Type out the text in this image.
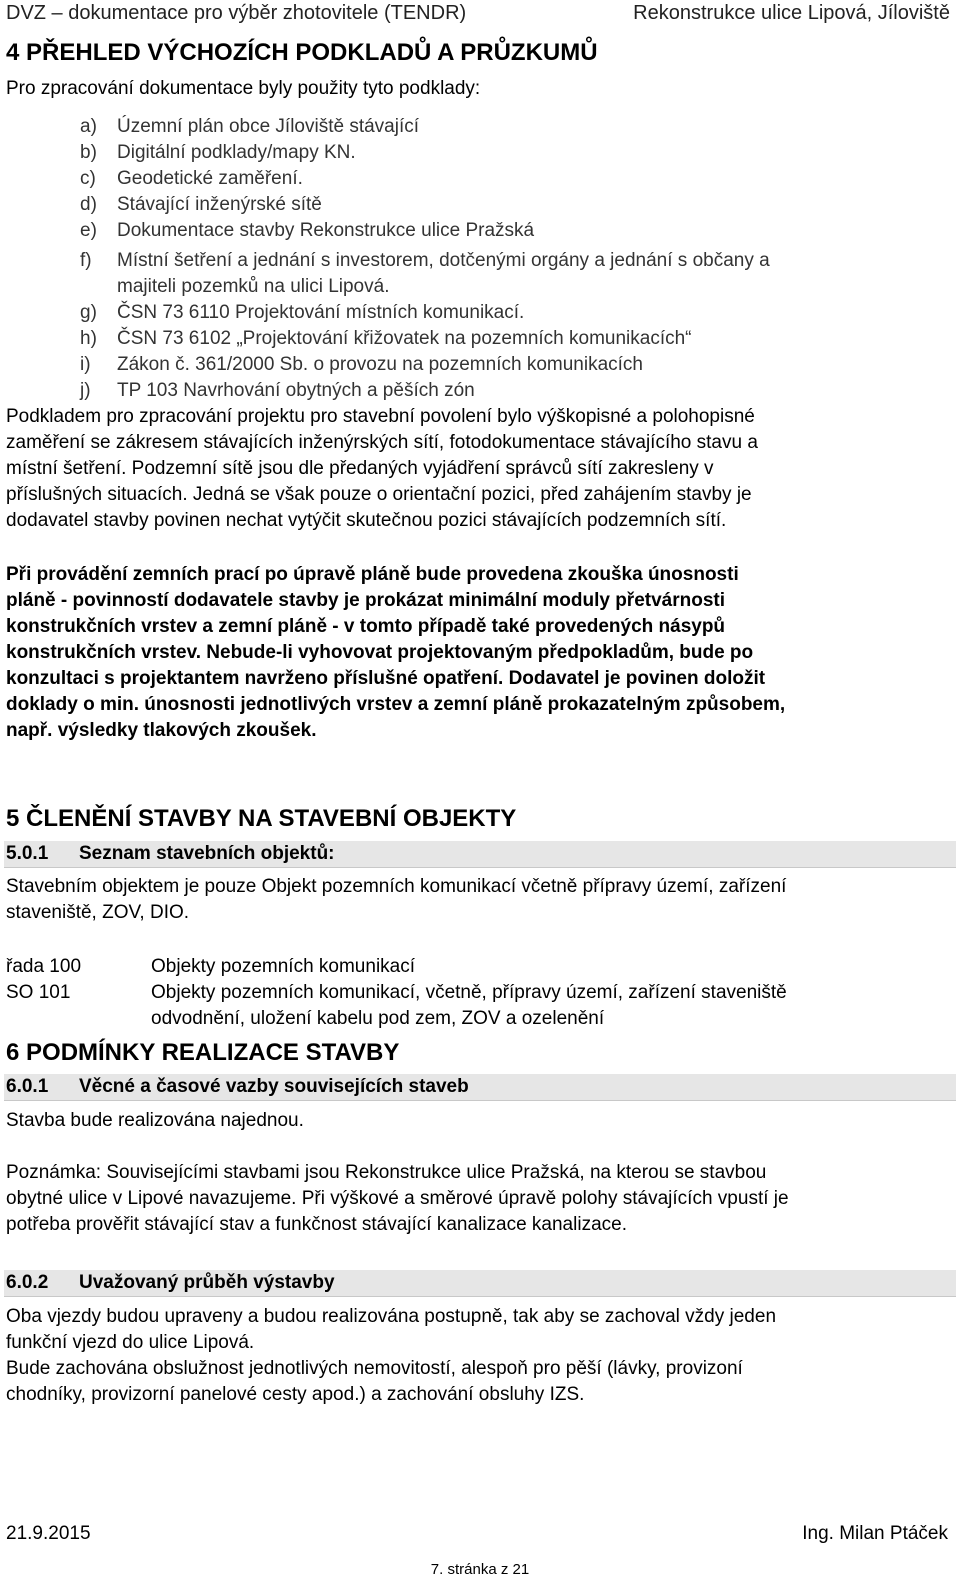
DVZ – dokumentace pro výběr zhotovitele (TENDR)	Rekonstrukce ulice Lipová, Jíloviště
4 PŘEHLED VÝCHOZÍCH PODKLADŮ A PRŮZKUMŮ
Pro zpracování dokumentace byly použity tyto podklady:
a) Územní plán obce Jíloviště stávající
b) Digitální podklady/mapy KN.
c) Geodetické zaměření.
d) Stávající inženýrské sítě
e) Dokumentace stavby Rekonstrukce ulice Pražská
f) Místní šetření a jednání s investorem, dotčenými orgány a jednání s občany a
majiteli pozemků na ulici Lipová.
g) ČSN 73 6110 Projektování místních komunikací.
h) ČSN 73 6102 „Projektování křižovatek na pozemních komunikacích“
i) Zákon č. 361/2000 Sb. o provozu na pozemních komunikacích
j) TP 103 Navrhování obytných a pěších zón
Podkladem pro zpracování projektu pro stavební povolení bylo výškopisné a polohopisné
zaměření se zákresem stávajících inženýrských sítí, fotodokumentace stávajícího stavu a
místní šetření. Podzemní sítě jsou dle předaných vyjádření správců sítí zakresleny v
příslušných situacích. Jedná se však pouze o orientační pozici, před zahájením stavby je
dodavatel stavby povinen nechat vytýčit skutečnou pozici stávajících podzemních sítí.
Při provádění zemních prací po úpravě pláně bude provedena zkouška únosnosti
pláně - povinností dodavatele stavby je prokázat minimální moduly přetvárnosti
konstrukčních vrstev a zemní pláně - v tomto případě také provedených násypů
konstrukčních vrstev. Nebude-li vyhovovat projektovaným předpokladům, bude po
konzultaci s projektantem navrženo příslušné opatření. Dodavatel je povinen doložit
doklady o min. únosnosti jednotlivých vrstev a zemní pláně prokazatelným způsobem,
např. výsledky tlakových zkoušek.
5 ČLENĚNÍ STAVBY NA STAVEBNÍ OBJEKTY
5.0.1 Seznam stavebních objektů:
Stavebním objektem je pouze Objekt pozemních komunikací včetně přípravy území, zařízení
staveniště, ZOV, DIO.
řada 100	Objekty pozemních komunikací
SO 101	Objekty pozemních komunikací, včetně, přípravy území, zařízení staveniště
odvodnění, uložení kabelu pod zem, ZOV a ozelenění
6 PODMÍNKY REALIZACE STAVBY
6.0.1 Věcné a časové vazby souvisejících staveb
Stavba bude realizována najednou.
Poznámka: Souvisejícími stavbami jsou Rekonstrukce ulice Pražská, na kterou se stavbou
obytné ulice v Lipové navazujeme. Při výškové a směrové úpravě polohy stávajících vpustí je
potřeba prověřit stávající stav a funkčnost stávající kanalizace kanalizace.
6.0.2 Uvažovaný průběh výstavby
Oba vjezdy budou upraveny a budou realizována postupně, tak aby se zachoval vždy jeden
funkční vjezd do ulice Lipová.
Bude zachována obslužnost jednotlivých nemovitostí, alespoň pro pěší (lávky, provizoní
chodníky, provizorní panelové cesty apod.) a zachování obsluhy IZS.
21.9.2015	Ing. Milan Ptáček
7. stránka z 21
